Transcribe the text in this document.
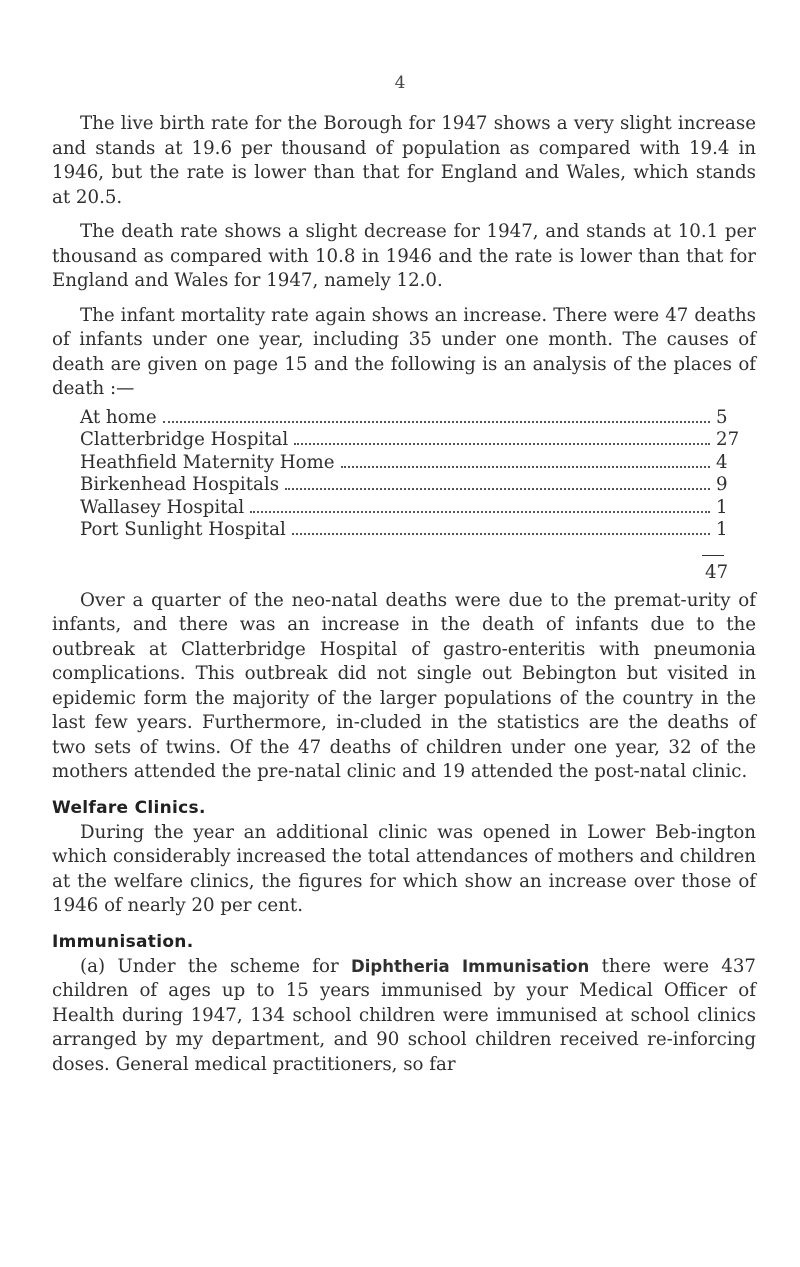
4

The live birth rate for the Borough for 1947 shows a very slight increase and stands at 19.6 per thousand of population as compared with 19.4 in 1946, but the rate is lower than that for England and Wales, which stands at 20.5.

The death rate shows a slight decrease for 1947, and stands at 10.1 per thousand as compared with 10.8 in 1946 and the rate is lower than that for England and Wales for 1947, namely 12.0.

The infant mortality rate again shows an increase. There were 47 deaths of infants under one year, including 35 under one month. The causes of death are given on page 15 and the following is an analysis of the places of death :—

At home	5
Clatterbridge Hospital	27
Heathfield Maternity Home	4
Birkenhead Hospitals	9
Wallasey Hospital	1
Port Sunlight Hospital	1
47

Over a quarter of the neo-natal deaths were due to the premat-urity of infants, and there was an increase in the death of infants due to the outbreak at Clatterbridge Hospital of gastro-enteritis with pneumonia complications. This outbreak did not single out Bebington but visited in epidemic form the majority of the larger populations of the country in the last few years. Furthermore, in-cluded in the statistics are the deaths of two sets of twins. Of the 47 deaths of children under one year, 32 of the mothers attended the pre-natal clinic and 19 attended the post-natal clinic.

Welfare Clinics.

During the year an additional clinic was opened in Lower Beb-ington which considerably increased the total attendances of mothers and children at the welfare clinics, the figures for which show an increase over those of 1946 of nearly 20 per cent.

Immunisation.

(a) Under the scheme for Diphtheria Immunisation there were 437 children of ages up to 15 years immunised by your Medical Officer of Health during 1947, 134 school children were immunised at school clinics arranged by my department, and 90 school children received re-inforcing doses. General medical practitioners, so far
